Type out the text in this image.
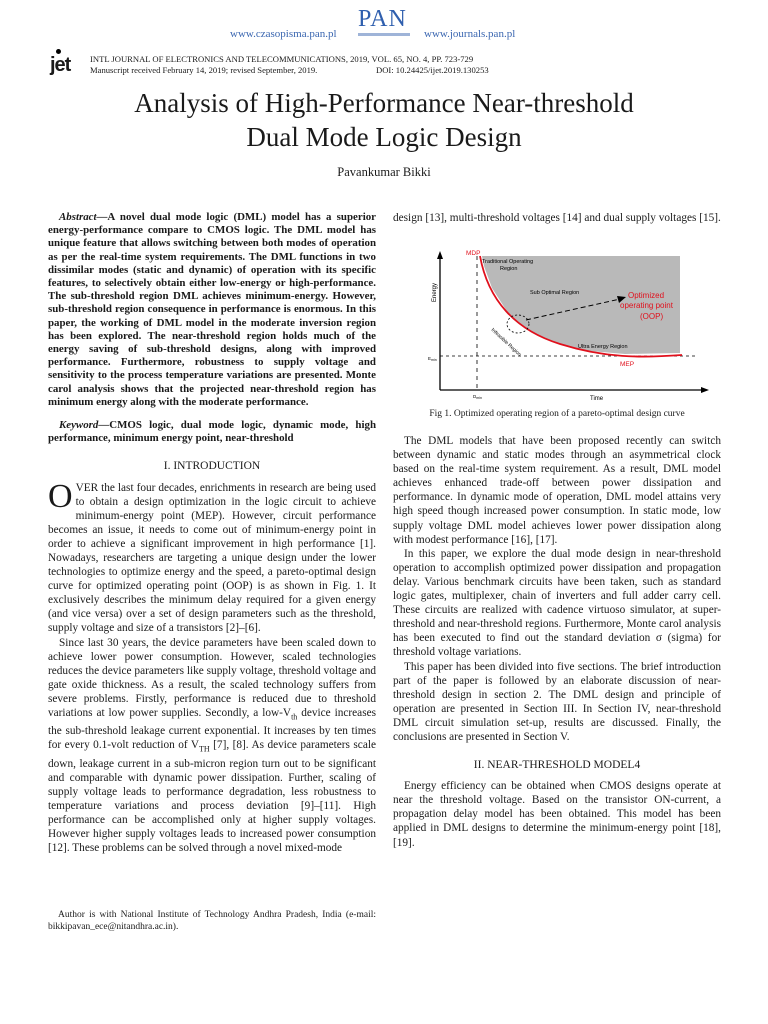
www.czasopisma.pan.pl
PAN
www.journals.pan.pl
jet INTL JOURNAL OF ELECTRONICS AND TELECOMMUNICATIONS, 2019, VOL. 65, NO. 4, PP. 723-729
Manuscript received February 14, 2019; revised September, 2019.	DOI: 10.24425/ijet.2019.130253
Analysis of High-Performance Near-threshold
Dual Mode Logic Design
Pavankumar Bikki

Abstract—A novel dual mode logic (DML) model has a superior energy-performance compare to CMOS logic. The DML model has unique feature that allows switching between both modes of operation as per the real-time system requirements. The DML functions in two dissimilar modes (static and dynamic) of operation with its specific features, to selectively obtain either low-energy or high-performance. The sub-threshold region DML achieves minimum-energy. However, sub-threshold region consequence in performance is enormous. In this paper, the working of DML model in the moderate inversion region has been explored. The near-threshold region holds much of the energy saving of sub-threshold designs, along with improved performance. Furthermore, robustness to supply voltage and sensitivity to the process temperature variations are presented. Monte carol analysis shows that the projected near-threshold region has minimum energy along with the moderate performance.

Keyword—CMOS logic, dual mode logic, dynamic mode, high performance, minimum energy point, near-threshold

I. INTRODUCTION

OVER the last four decades, enrichments in research are being used to obtain a design optimization in the logic circuit to achieve minimum-energy point (MEP). However, circuit performance becomes an issue, it needs to come out of minimum-energy point in order to achieve a significant improvement in high performance [1]. Nowadays, researchers are targeting a unique design under the lower technologies to optimize energy and the speed, a pareto-optimal design curve for optimized operating point (OOP) is as shown in Fig. 1. It exclusively describes the minimum delay required for a given energy (and vice versa) over a set of design parameters such as the threshold, supply voltage and size of a transistors [2]–[6].

Since last 30 years, the device parameters have been scaled down to achieve lower power consumption. However, scaled technologies reduces the device parameters like supply voltage, threshold voltage and gate oxide thickness. As a result, the scaled technology suffers from severe problems. Firstly, performance is reduced due to threshold variations at low power supplies. Secondly, a low-$V_{th}$ device increases the sub-threshold leakage current exponential. It increases by ten times for every 0.1-volt reduction of $V_{TH}$ [7], [8]. As device parameters scale down, leakage current in a sub-micron region turn out to be significant and comparable with dynamic power dissipation. Further, scaling of supply voltage leads to performance degradation, less robustness to temperature variations and process deviation [9]–[11]. High performance can be accomplished only at higher supply voltages. However higher supply voltages leads to increased power consumption [12]. These problems can be solved through a novel mixed-mode

Author is with National Institute of Technology Andhra Pradesh, India (e-mail: bikkipavan_ece@nitandhra.ac.in).

design [13], multi-threshold voltages [14] and dual supply voltages [15].

MDP
Traditional Operating
Region
Sub Optimal Region	Optimized
operating point
(OOP)
Infeasible Region	Ultra Energy Region
MEP
Energy
Time
$E_{min}$
$D_{min}$
Fig 1. Optimized operating region of a pareto-optimal design curve

The DML models that have been proposed recently can switch between dynamic and static modes through an asymmetrical clock based on the real-time system requirement. As a result, DML model achieves enhanced trade-off between power dissipation and performance. In dynamic mode of operation, DML model attains very high speed though increased power consumption. In static mode, low supply voltage DML model achieves lower power dissipation along with modest performance [16], [17].

In this paper, we explore the dual mode design in near-threshold operation to accomplish optimized power dissipation and propagation delay. Various benchmark circuits have been taken, such as standard logic gates, multiplexer, chain of inverters and full adder carry cell. These circuits are realized with cadence virtuoso simulator, at super-threshold and near-threshold regions. Furthermore, Monte carol analysis has been executed to find out the standard deviation σ (sigma) for threshold voltage variations.

This paper has been divided into five sections. The brief introduction part of the paper is followed by an elaborate discussion of near-threshold design in section 2. The DML design and principle of operation are presented in Section III. In Section IV, near-threshold DML circuit simulation set-up, results are discussed. Finally, the conclusions are presented in Section V.

II. NEAR-THRESHOLD MODEL4

Energy efficiency can be obtained when CMOS designs operate at near the threshold voltage. Based on the transistor ON-current, a propagation delay model has been obtained. This model has been applied in DML designs to determine the minimum-energy point [18], [19].
